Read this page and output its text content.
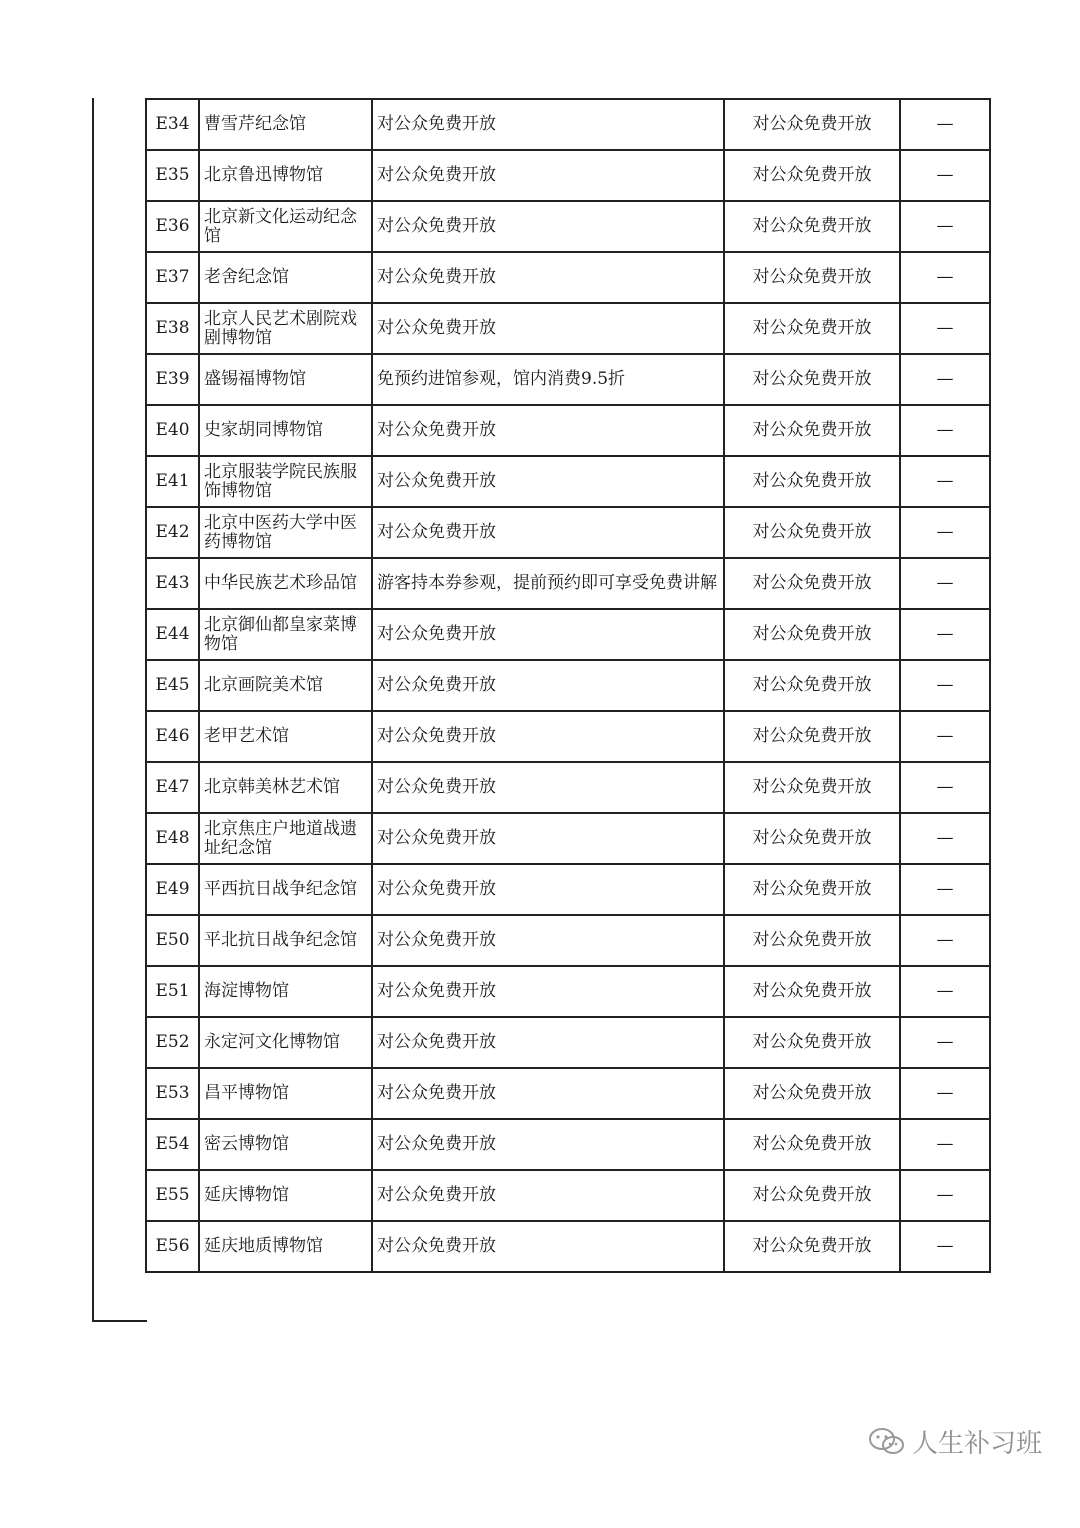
E34	曹雪芹纪念馆	对公众免费开放	对公众免费开放	—
E35	北京鲁迅博物馆	对公众免费开放	对公众免费开放	—
E36	北京新文化运动纪念馆	对公众免费开放	对公众免费开放	—
E37	老舍纪念馆	对公众免费开放	对公众免费开放	—
E38	北京人民艺术剧院戏剧博物馆	对公众免费开放	对公众免费开放	—
E39	盛锡福博物馆	免预约进馆参观，馆内消费9.5折	对公众免费开放	—
E40	史家胡同博物馆	对公众免费开放	对公众免费开放	—
E41	北京服装学院民族服饰博物馆	对公众免费开放	对公众免费开放	—
E42	北京中医药大学中医药博物馆	对公众免费开放	对公众免费开放	—
E43	中华民族艺术珍品馆	游客持本券参观，提前预约即可享受免费讲解	对公众免费开放	—
E44	北京御仙都皇家菜博物馆	对公众免费开放	对公众免费开放	—
E45	北京画院美术馆	对公众免费开放	对公众免费开放	—
E46	老甲艺术馆	对公众免费开放	对公众免费开放	—
E47	北京韩美林艺术馆	对公众免费开放	对公众免费开放	—
E48	北京焦庄户地道战遗址纪念馆	对公众免费开放	对公众免费开放	—
E49	平西抗日战争纪念馆	对公众免费开放	对公众免费开放	—
E50	平北抗日战争纪念馆	对公众免费开放	对公众免费开放	—
E51	海淀博物馆	对公众免费开放	对公众免费开放	—
E52	永定河文化博物馆	对公众免费开放	对公众免费开放	—
E53	昌平博物馆	对公众免费开放	对公众免费开放	—
E54	密云博物馆	对公众免费开放	对公众免费开放	—
E55	延庆博物馆	对公众免费开放	对公众免费开放	—
E56	延庆地质博物馆	对公众免费开放	对公众免费开放	—
人生补习班
